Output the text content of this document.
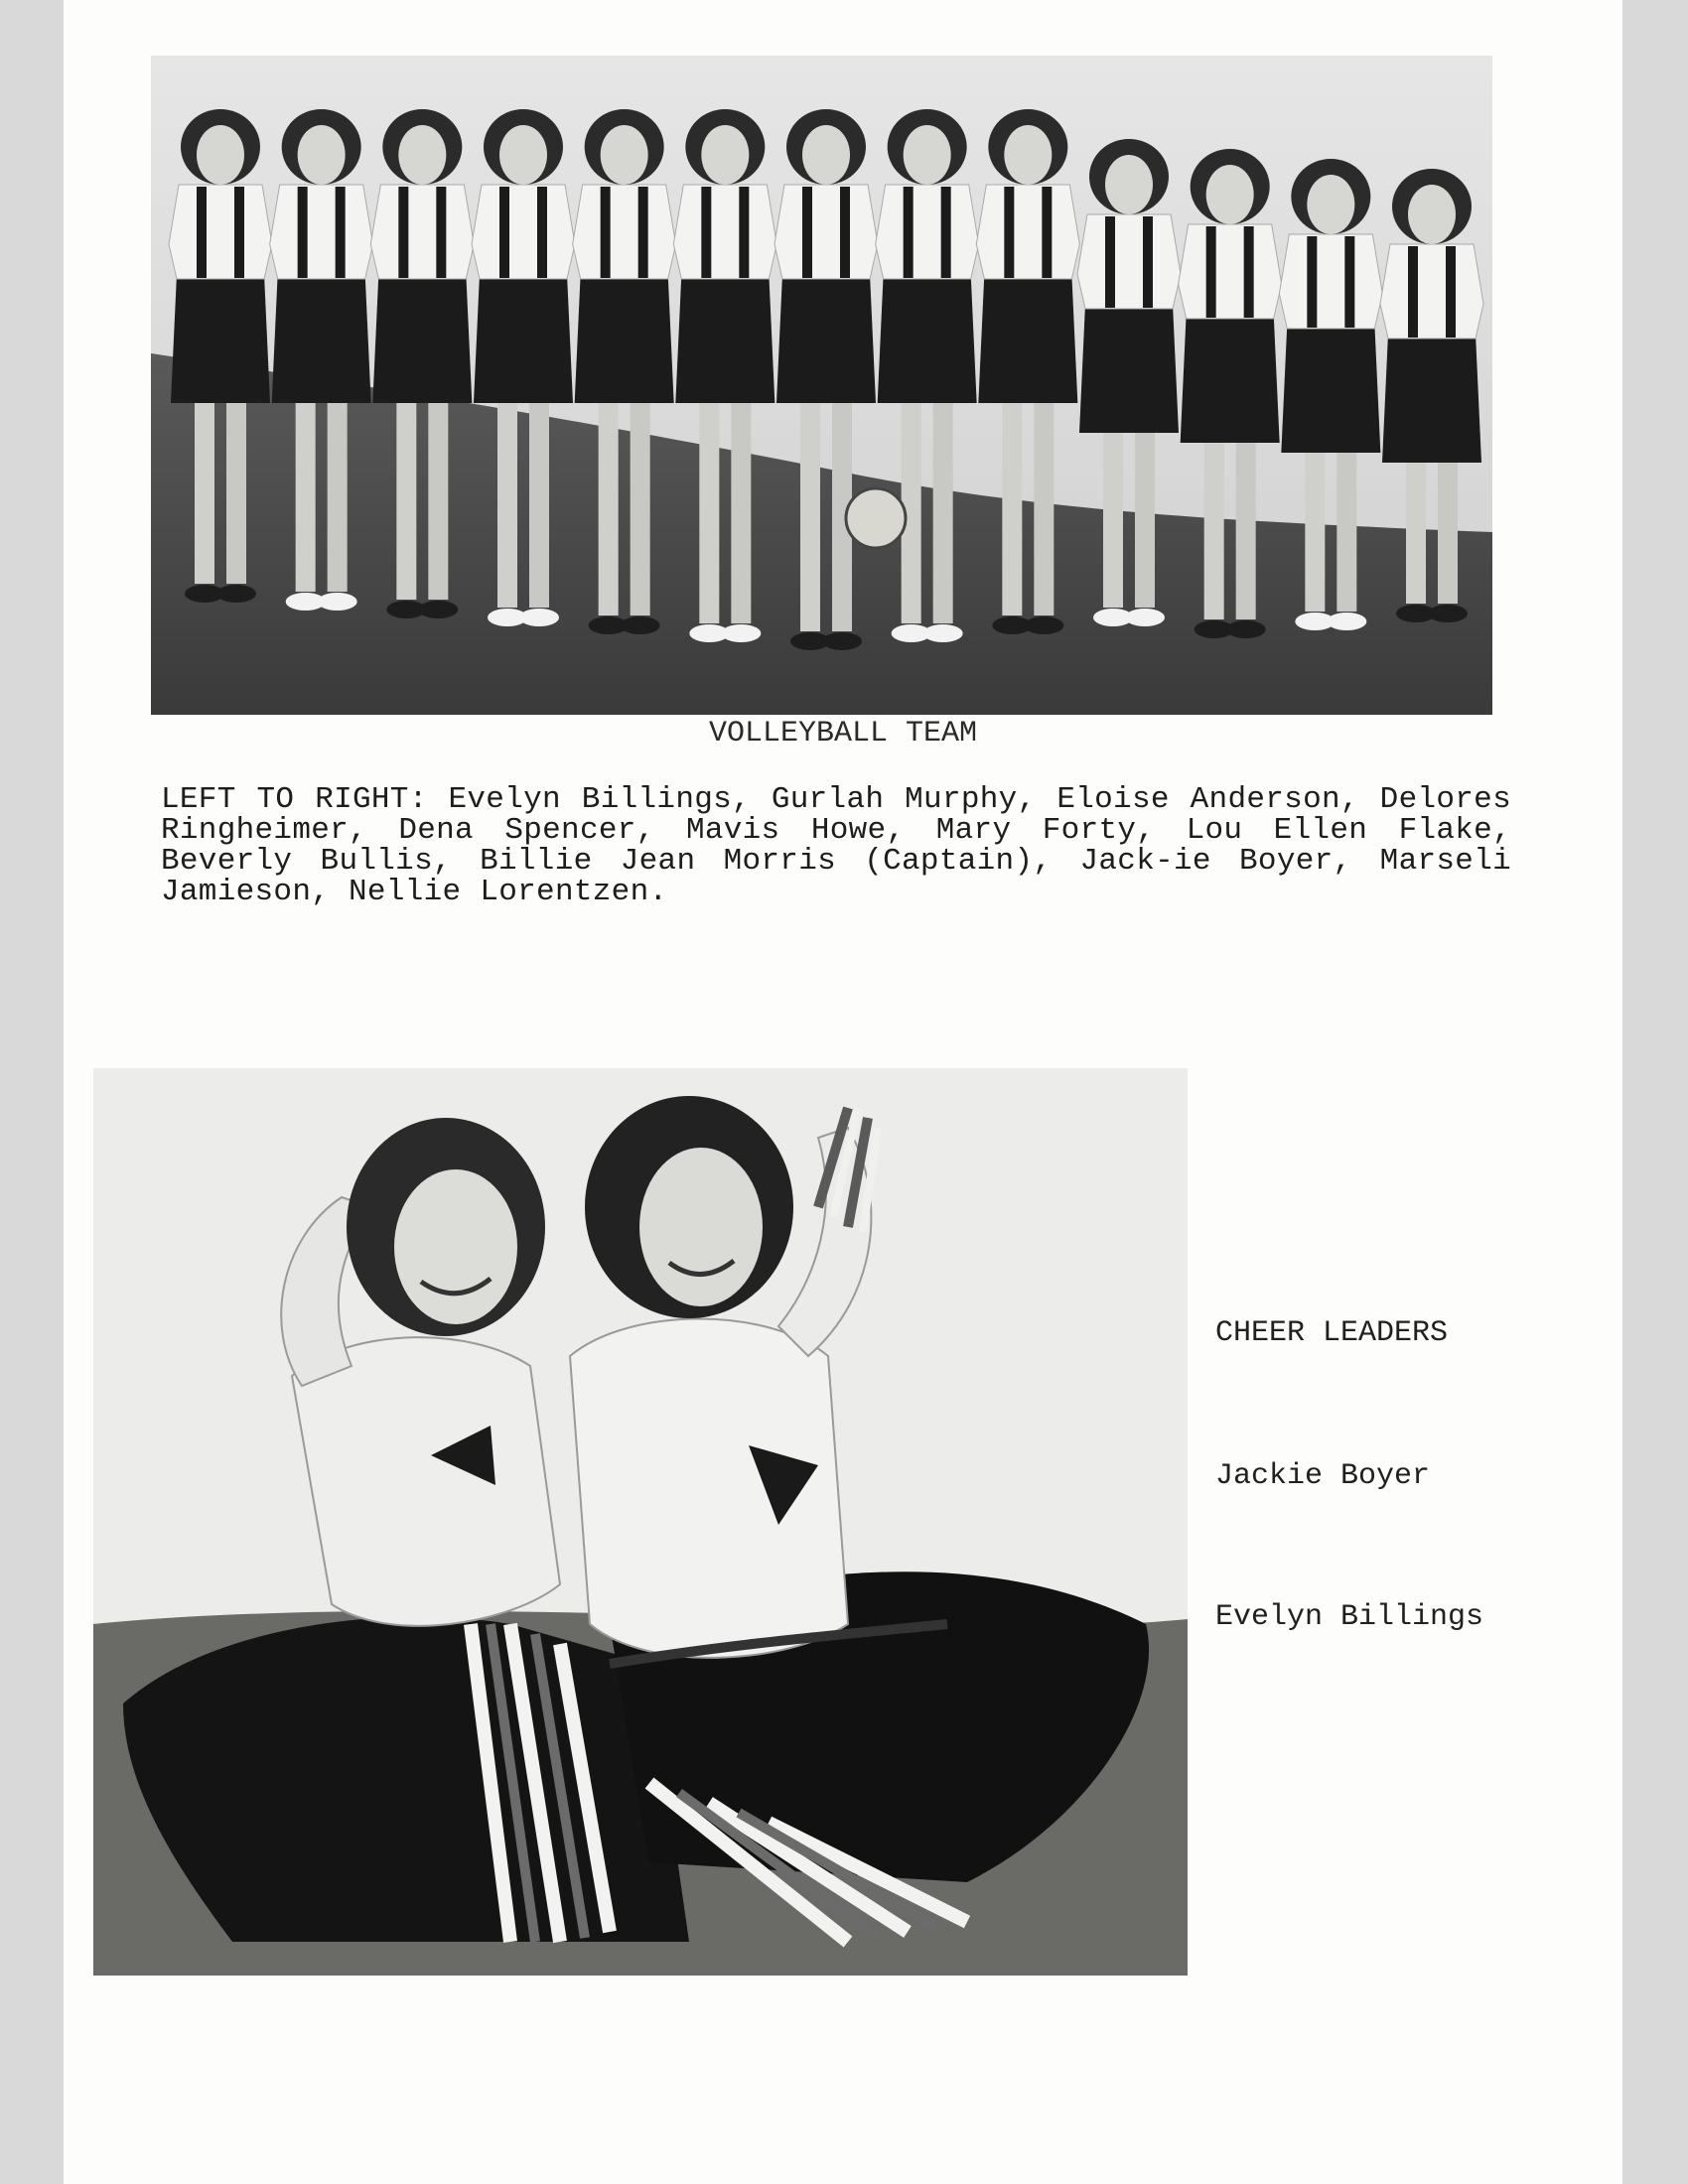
VOLLEYBALL TEAM
LEFT TO RIGHT: Evelyn Billings, Gurlah Murphy, Eloise Anderson, Delores Ringheimer, Dena Spencer, Mavis Howe, Mary Forty, Lou Ellen Flake, Beverly Bullis, Billie Jean Morris (Captain), Jack-ie Boyer, Marseli Jamieson, Nellie Lorentzen.
CHEER LEADERS
Jackie Boyer
Evelyn Billings
